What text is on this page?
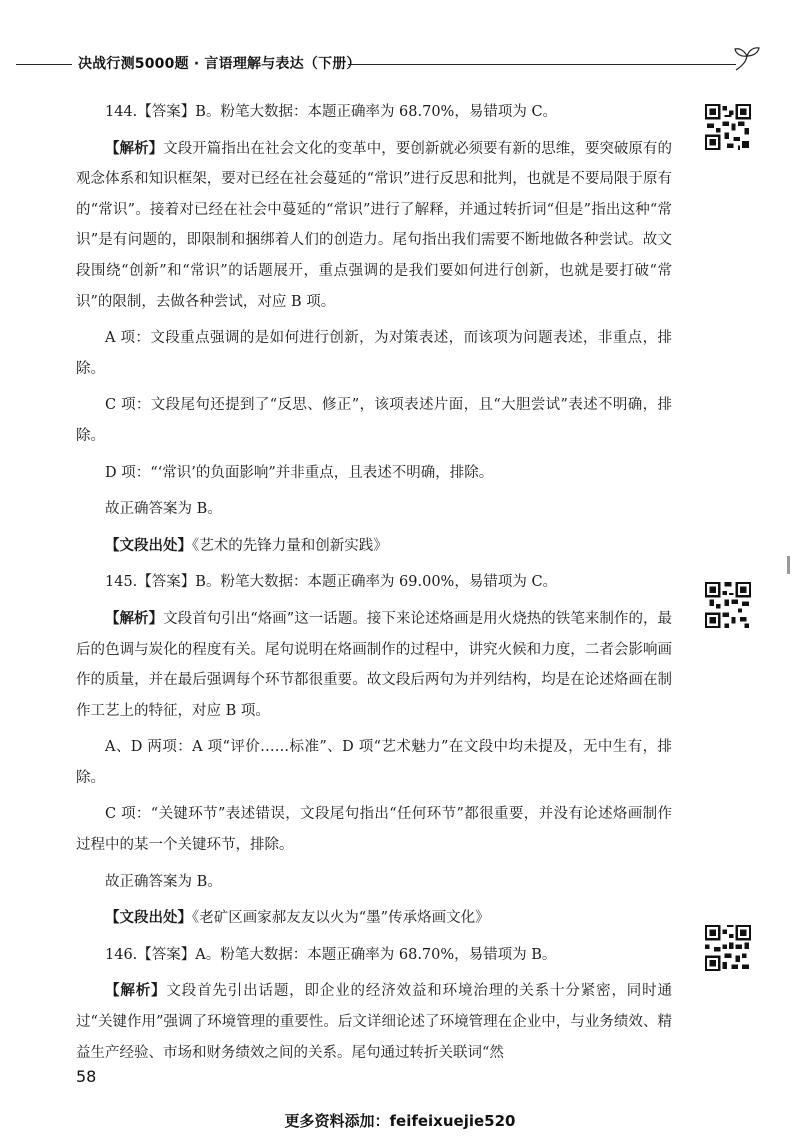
决战行测5000题 · 言语理解与表达（下册）

144.【答案】B。粉笔大数据：本题正确率为 68.70%，易错项为 C。

【解析】文段开篇指出在社会文化的变革中，要创新就必须要有新的思维，要突破原有的观念体系和知识框架，要对已经在社会蔓延的“常识”进行反思和批判，也就是不要局限于原有的“常识”。接着对已经在社会中蔓延的“常识”进行了解释，并通过转折词“但是”指出这种“常识”是有问题的，即限制和捆绑着人们的创造力。尾句指出我们需要不断地做各种尝试。故文段围绕“创新”和“常识”的话题展开，重点强调的是我们要如何进行创新，也就是要打破“常识”的限制，去做各种尝试，对应 B 项。

A 项：文段重点强调的是如何进行创新，为对策表述，而该项为问题表述，非重点，排除。

C 项：文段尾句还提到了“反思、修正”，该项表述片面，且“大胆尝试”表述不明确，排除。

D 项：“‘常识’的负面影响”并非重点，且表述不明确，排除。

故正确答案为 B。

【文段出处】《艺术的先锋力量和创新实践》

145.【答案】B。粉笔大数据：本题正确率为 69.00%，易错项为 C。

【解析】文段首句引出“烙画”这一话题。接下来论述烙画是用火烧热的铁笔来制作的，最后的色调与炭化的程度有关。尾句说明在烙画制作的过程中，讲究火候和力度，二者会影响画作的质量，并在最后强调每个环节都很重要。故文段后两句为并列结构，均是在论述烙画在制作工艺上的特征，对应 B 项。

A、D 两项：A 项“评价……标准”、D 项“艺术魅力”在文段中均未提及，无中生有，排除。

C 项：“关键环节”表述错误，文段尾句指出“任何环节”都很重要，并没有论述烙画制作过程中的某一个关键环节，排除。

故正确答案为 B。

【文段出处】《老矿区画家郝友友以火为“墨”传承烙画文化》

146.【答案】A。粉笔大数据：本题正确率为 68.70%，易错项为 B。

【解析】文段首先引出话题，即企业的经济效益和环境治理的关系十分紧密，同时通过“关键作用”强调了环境管理的重要性。后文详细论述了环境管理在企业中，与业务绩效、精益生产经验、市场和财务绩效之间的关系。尾句通过转折关联词“然

58
更多资料添加：feifeixuejie520
